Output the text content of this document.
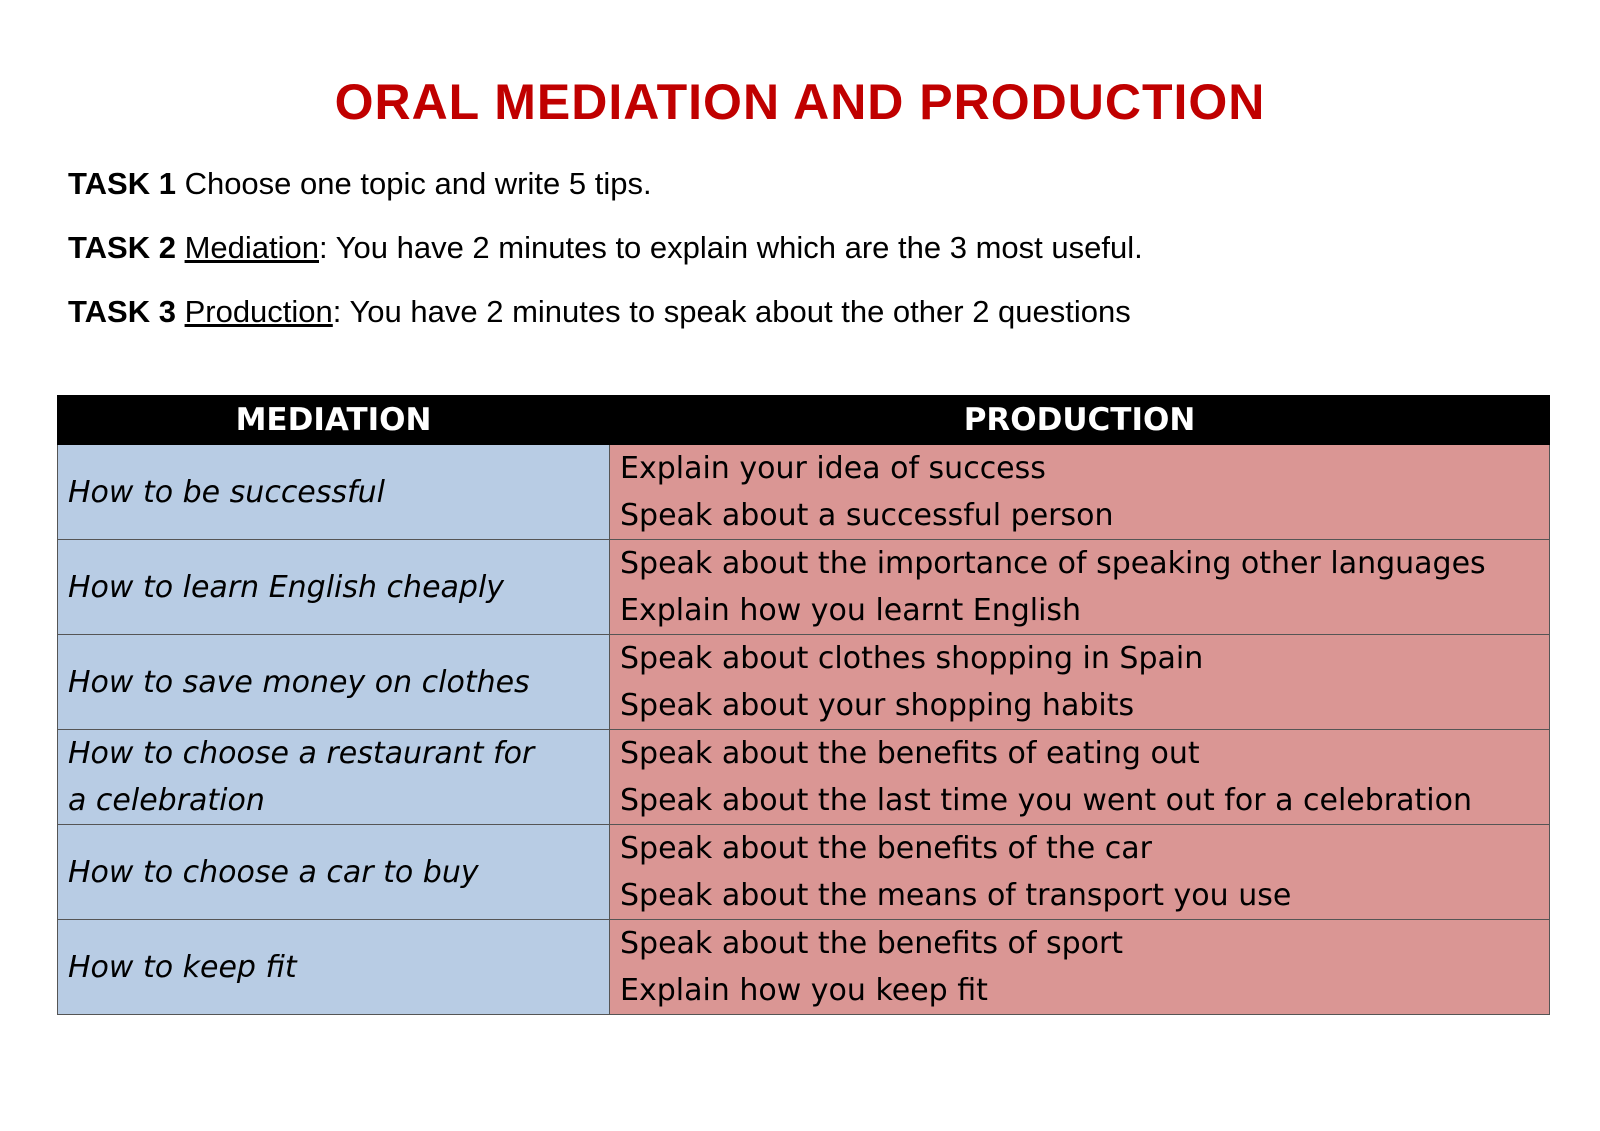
ORAL MEDIATION AND PRODUCTION
TASK 1 Choose one topic and write 5 tips.
TASK 2 Mediation: You have 2 minutes to explain which are the 3 most useful.
TASK 3 Production: You have 2 minutes to speak about the other 2 questions
MEDIATION	PRODUCTION

How to be successful	Explain your idea of success
Speak about a successful person

How to learn English cheaply	Speak about the importance of speaking other languages
Explain how you learnt English

How to save money on clothes	Speak about clothes shopping in Spain
Speak about your shopping habits

How to choose a restaurant for
a celebration	Speak about the benefits of eating out
Speak about the last time you went out for a celebration

How to choose a car to buy	Speak about the benefits of the car
Speak about the means of transport you use

How to keep fit	Speak about the benefits of sport
Explain how you keep fit
